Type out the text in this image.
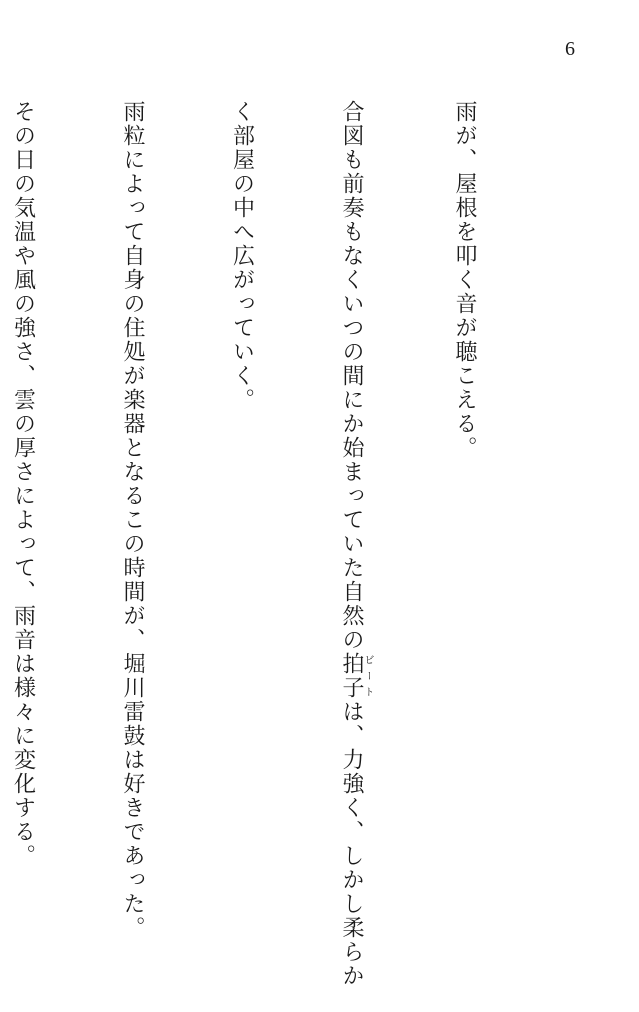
6

雨が、屋根を叩く音が聴こえる。

合図も前奏もなくいつの間にか始まっていた自然の拍子ビートは、力強く、しかし柔らか

く部屋の中へ広がっていく。

雨粒によって自身の住処が楽器となるこの時間が、堀川雷鼓は好きであった。

その日の気温や風の強さ、雲の厚さによって、雨音は様々に変化する。
